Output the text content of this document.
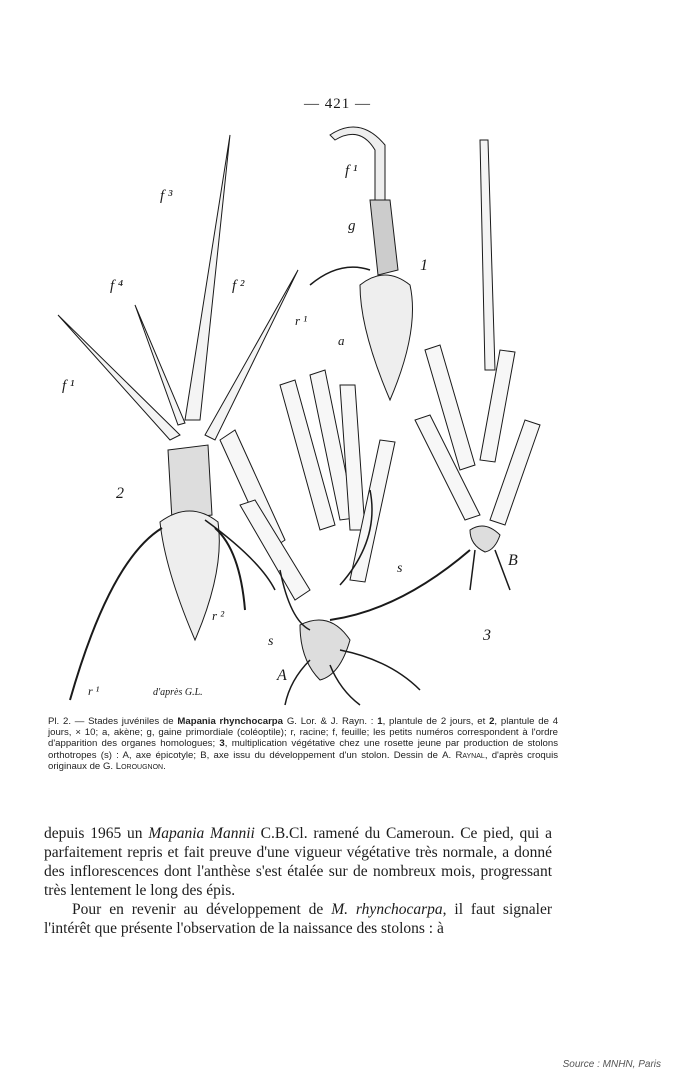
— 421 —
f ³
f ⁴	f ²
f ¹
f ¹
g
r ¹
a
1
2
r ²
r ¹	d'après G.L.
s
s
A
B
3
Pl. 2. — Stades juvéniles de Mapania rhynchocarpa G. Lor. & J. Rayn. : 1, plantule de 2 jours, et 2, plantule de 4 jours, × 10; a, akène; g, gaine primordiale (coléoptile); r, racine; f, feuille; les petits numéros correspondent à l'ordre d'apparition des organes homologues; 3, multiplication végétative chez une rosette jeune par production de stolons orthotropes (s) : A, axe épicotyle; B, axe issu du développement d'un stolon. Dessin de A. Raynal, d'après croquis originaux de G. Lorougnon.

depuis 1965 un Mapania Mannii C.B.Cl. ramené du Cameroun. Ce pied, qui a parfaitement repris et fait preuve d'une vigueur végétative très normale, a donné des inflorescences dont l'anthèse s'est étalée sur de nombreux mois, progressant très lentement le long des épis.

Pour en revenir au développement de M. rhynchocarpa, il faut signaler l'intérêt que présente l'observation de la naissance des stolons : à

Source : MNHN, Paris
